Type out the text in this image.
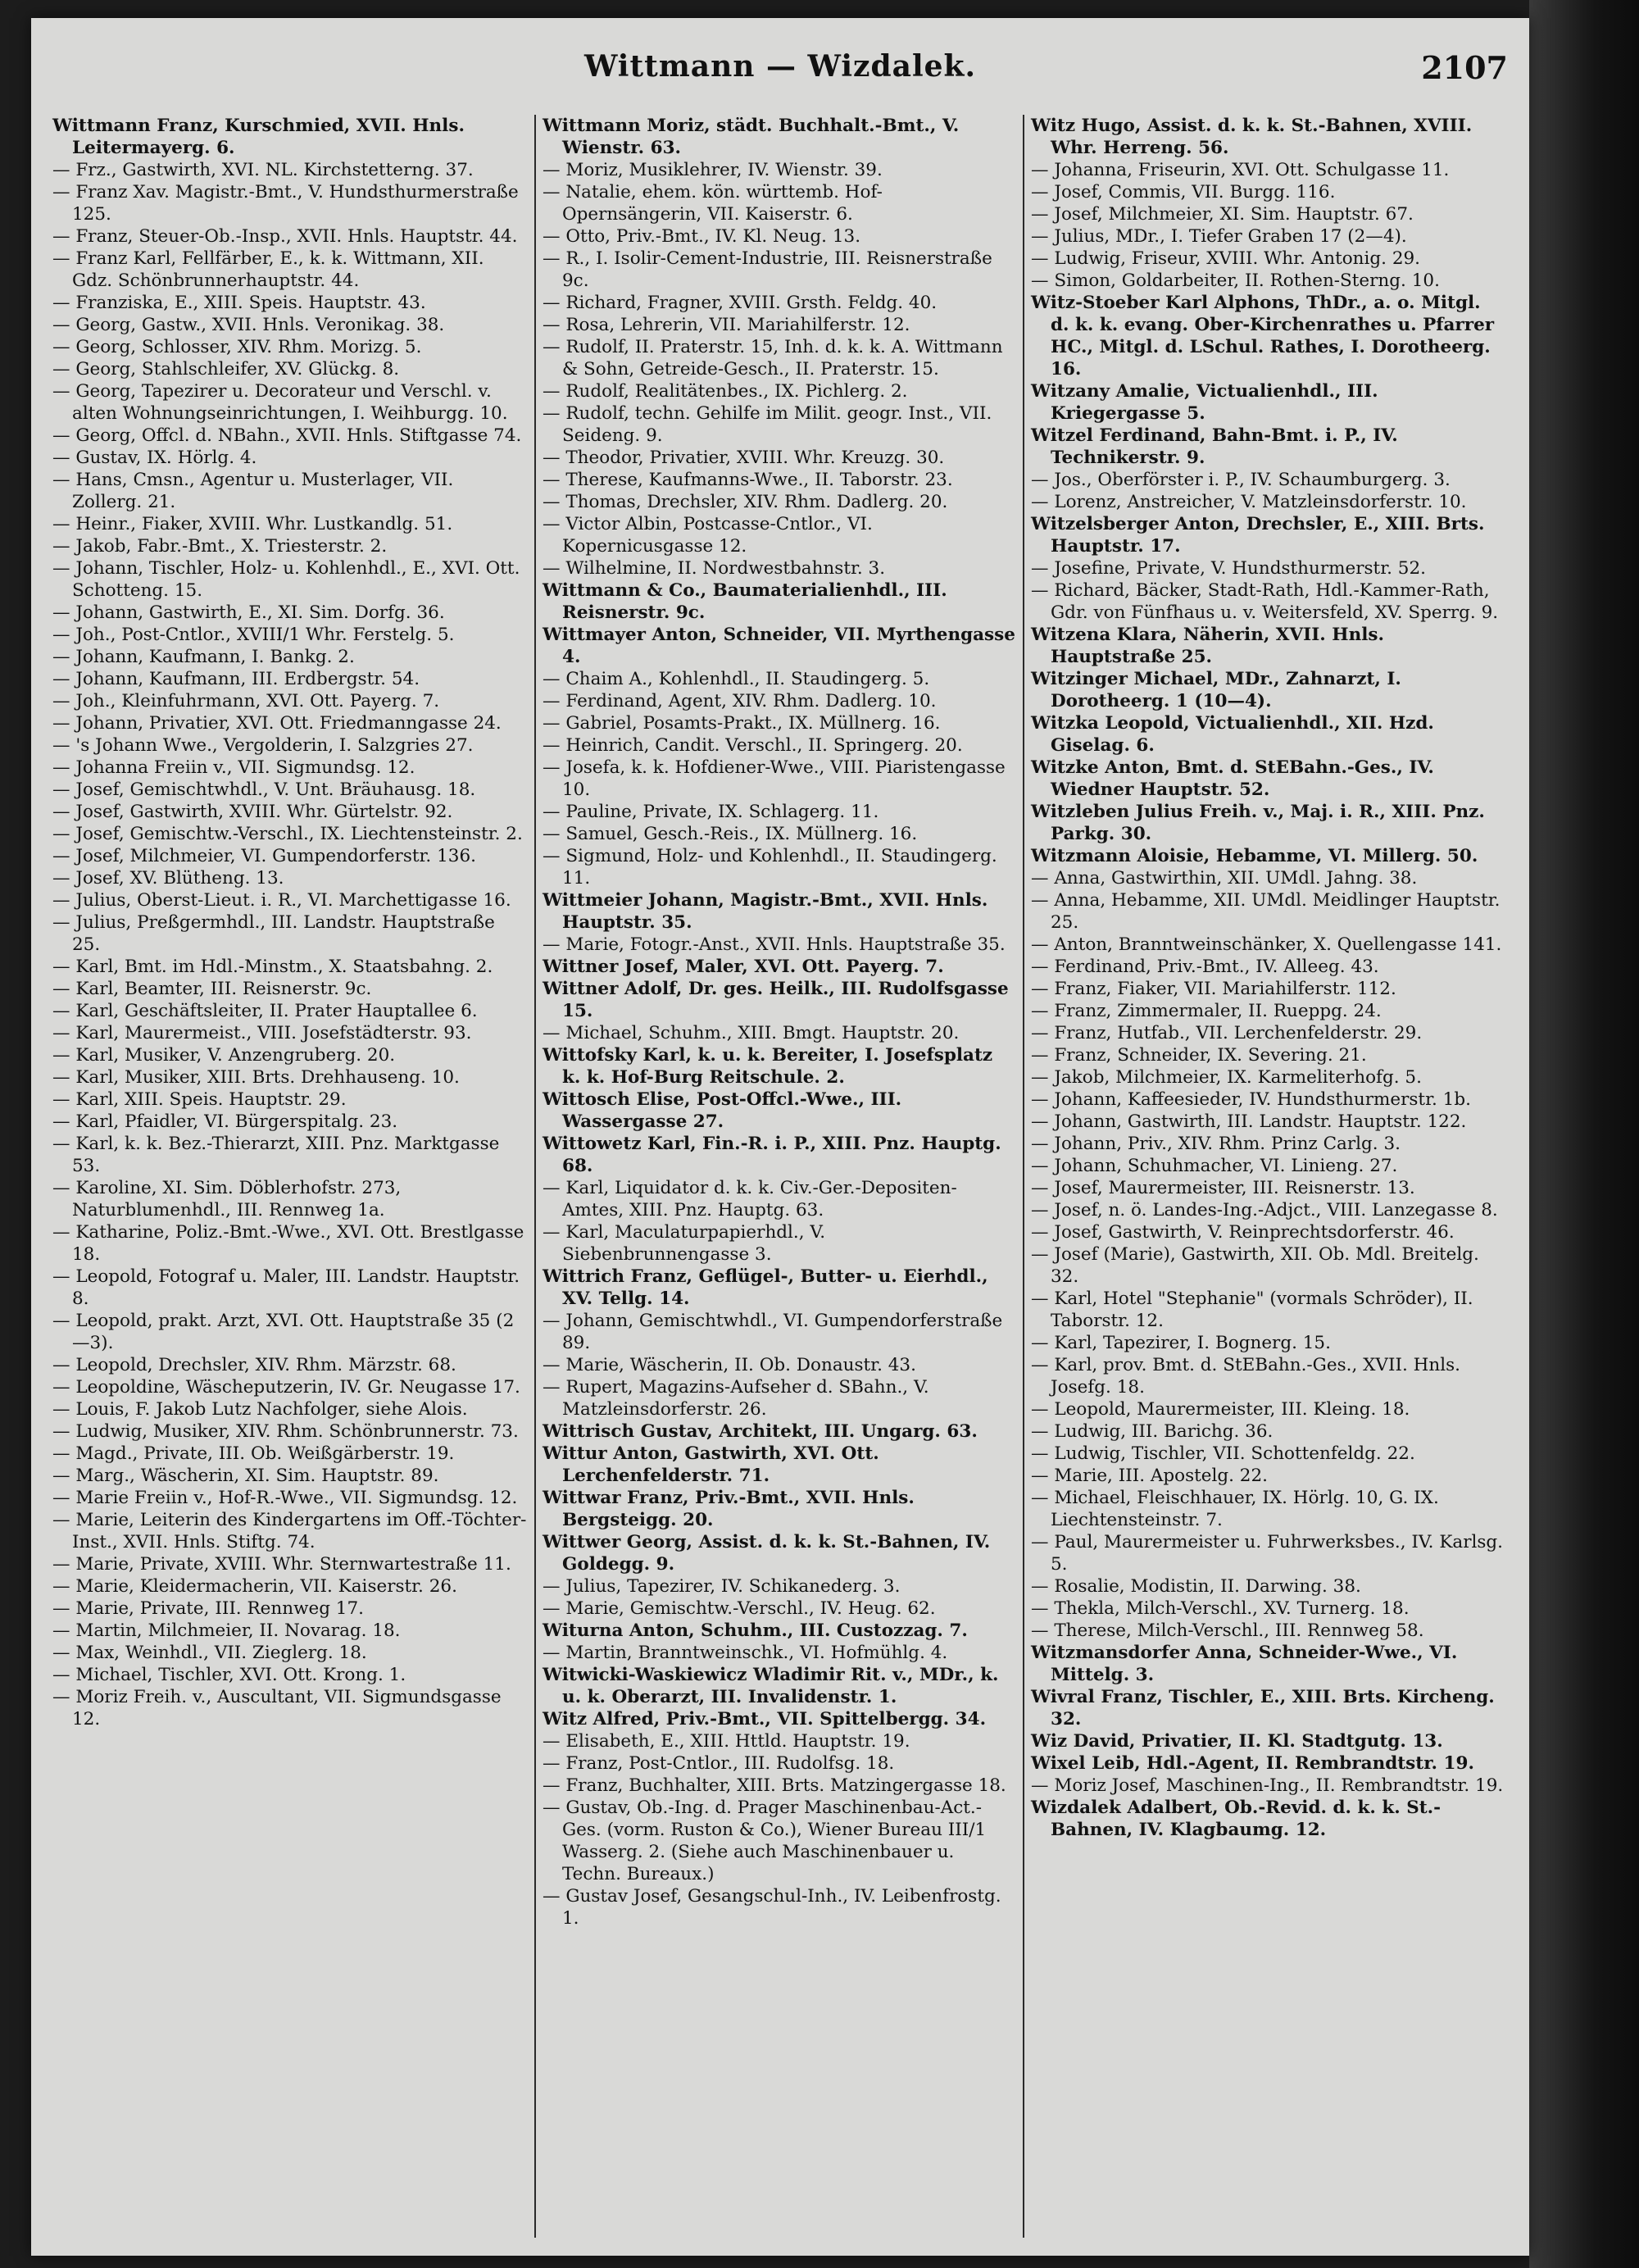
Wittmann — Wizdalek.	2107
Wittmann Franz, Kurschmied, XVII. Hnls. Leitermayerg. 6.
— Frz., Gastwirth, XVI. NL. Kirchstetterng. 37.
— Franz Xav. Magistr.-Bmt., V. Hundsthurmerstraße 125.
— Franz, Steuer-Ob.-Insp., XVII. Hnls. Hauptstr. 44.
— Franz Karl, Fellfärber, E., k. k. Wittmann, XII. Gdz. Schönbrunnerhauptstr. 44.
— Franziska, E., XIII. Speis. Hauptstr. 43.
— Georg, Gastw., XVII. Hnls. Veronikag. 38.
— Georg, Schlosser, XIV. Rhm. Morizg. 5.
— Georg, Stahlschleifer, XV. Glückg. 8.
— Georg, Tapezirer u. Decorateur und Verschl. v. alten Wohnungseinrichtungen, I. Weihburgg. 10.
— Georg, Offcl. d. NBahn., XVII. Hnls. Stiftgasse 74.
— Gustav, IX. Hörlg. 4.
— Hans, Cmsn., Agentur u. Musterlager, VII. Zollerg. 21.
— Heinr., Fiaker, XVIII. Whr. Lustkandlg. 51.
— Jakob, Fabr.-Bmt., X. Triesterstr. 2.
— Johann, Tischler, Holz- u. Kohlenhdl., E., XVI. Ott. Schotteng. 15.
— Johann, Gastwirth, E., XI. Sim. Dorfg. 36.
— Joh., Post-Cntlor., XVIII/1 Whr. Ferstelg. 5.
— Johann, Kaufmann, I. Bankg. 2.
— Johann, Kaufmann, III. Erdbergstr. 54.
— Joh., Kleinfuhrmann, XVI. Ott. Payerg. 7.
— Johann, Privatier, XVI. Ott. Friedmanngasse 24.
— 's Johann Wwe., Vergolderin, I. Salzgries 27.
— Johanna Freiin v., VII. Sigmundsg. 12.
— Josef, Gemischtwhdl., V. Unt. Bräuhausg. 18.
— Josef, Gastwirth, XVIII. Whr. Gürtelstr. 92.
— Josef, Gemischtw.-Verschl., IX. Liechtensteinstr. 2.
— Josef, Milchmeier, VI. Gumpendorferstr. 136.
— Josef, XV. Blütheng. 13.
— Julius, Oberst-Lieut. i. R., VI. Marchettigasse 16.
— Julius, Preßgermhdl., III. Landstr. Hauptstraße 25.
— Karl, Bmt. im Hdl.-Minstm., X. Staatsbahng. 2.
— Karl, Beamter, III. Reisnerstr. 9c.
— Karl, Geschäftsleiter, II. Prater Hauptallee 6.
— Karl, Maurermeist., VIII. Josefstädterstr. 93.
— Karl, Musiker, V. Anzengruberg. 20.
— Karl, Musiker, XIII. Brts. Drehhauseng. 10.
— Karl, XIII. Speis. Hauptstr. 29.
— Karl, Pfaidler, VI. Bürgerspitalg. 23.
— Karl, k. k. Bez.-Thierarzt, XIII. Pnz. Marktgasse 53.
— Karoline, XI. Sim. Döblerhofstr. 273, Naturblumenhdl., III. Rennweg 1a.
— Katharine, Poliz.-Bmt.-Wwe., XVI. Ott. Brestlgasse 18.
— Leopold, Fotograf u. Maler, III. Landstr. Hauptstr. 8.
— Leopold, prakt. Arzt, XVI. Ott. Hauptstraße 35 (2—3).
— Leopold, Drechsler, XIV. Rhm. Märzstr. 68.
— Leopoldine, Wäscheputzerin, IV. Gr. Neugasse 17.
— Louis, F. Jakob Lutz Nachfolger, siehe Alois.
— Ludwig, Musiker, XIV. Rhm. Schönbrunnerstr. 73.
— Magd., Private, III. Ob. Weißgärberstr. 19.
— Marg., Wäscherin, XI. Sim. Hauptstr. 89.
— Marie Freiin v., Hof-R.-Wwe., VII. Sigmundsg. 12.
— Marie, Leiterin des Kindergartens im Off.-Töchter-Inst., XVII. Hnls. Stiftg. 74.
— Marie, Private, XVIII. Whr. Sternwartestraße 11.
— Marie, Kleidermacherin, VII. Kaiserstr. 26.
— Marie, Private, III. Rennweg 17.
— Martin, Milchmeier, II. Novarag. 18.
— Max, Weinhdl., VII. Zieglerg. 18.
— Michael, Tischler, XVI. Ott. Krong. 1.
— Moriz Freih. v., Auscultant, VII. Sigmundsgasse 12.
Wittmann Moriz, städt. Buchhalt.-Bmt., V. Wienstr. 63.
— Moriz, Musiklehrer, IV. Wienstr. 39.
— Natalie, ehem. kön. württemb. Hof-Opernsängerin, VII. Kaiserstr. 6.
— Otto, Priv.-Bmt., IV. Kl. Neug. 13.
— R., I. Isolir-Cement-Industrie, III. Reisnerstraße 9c.
— Richard, Fragner, XVIII. Grsth. Feldg. 40.
— Rosa, Lehrerin, VII. Mariahilferstr. 12.
— Rudolf, II. Praterstr. 15, Inh. d. k. k. A. Wittmann & Sohn, Getreide-Gesch., II. Praterstr. 15.
— Rudolf, Realitätenbes., IX. Pichlerg. 2.
— Rudolf, techn. Gehilfe im Milit. geogr. Inst., VII. Seideng. 9.
— Theodor, Privatier, XVIII. Whr. Kreuzg. 30.
— Therese, Kaufmanns-Wwe., II. Taborstr. 23.
— Thomas, Drechsler, XIV. Rhm. Dadlerg. 20.
— Victor Albin, Postcasse-Cntlor., VI. Kopernicusgasse 12.
— Wilhelmine, II. Nordwestbahnstr. 3.
Wittmann & Co., Baumaterialienhdl., III. Reisnerstr. 9c.
Wittmayer Anton, Schneider, VII. Myrthengasse 4.
— Chaim A., Kohlenhdl., II. Staudingerg. 5.
— Ferdinand, Agent, XIV. Rhm. Dadlerg. 10.
— Gabriel, Posamts-Prakt., IX. Müllnerg. 16.
— Heinrich, Candit. Verschl., II. Springerg. 20.
— Josefa, k. k. Hofdiener-Wwe., VIII. Piaristengasse 10.
— Pauline, Private, IX. Schlagerg. 11.
— Samuel, Gesch.-Reis., IX. Müllnerg. 16.
— Sigmund, Holz- und Kohlenhdl., II. Staudingerg. 11.
Wittmeier Johann, Magistr.-Bmt., XVII. Hnls. Hauptstr. 35.
— Marie, Fotogr.-Anst., XVII. Hnls. Hauptstraße 35.
Wittner Josef, Maler, XVI. Ott. Payerg. 7.
Wittner Adolf, Dr. ges. Heilk., III. Rudolfsgasse 15.
— Michael, Schuhm., XIII. Bmgt. Hauptstr. 20.
Wittofsky Karl, k. u. k. Bereiter, I. Josefsplatz k. k. Hof-Burg Reitschule. 2.
Wittosch Elise, Post-Offcl.-Wwe., III. Wassergasse 27.
Wittowetz Karl, Fin.-R. i. P., XIII. Pnz. Hauptg. 68.
— Karl, Liquidator d. k. k. Civ.-Ger.-Depositen-Amtes, XIII. Pnz. Hauptg. 63.
— Karl, Maculaturpapierhdl., V. Siebenbrunnengasse 3.
Wittrich Franz, Geflügel-, Butter- u. Eierhdl., XV. Tellg. 14.
— Johann, Gemischtwhdl., VI. Gumpendorferstraße 89.
— Marie, Wäscherin, II. Ob. Donaustr. 43.
— Rupert, Magazins-Aufseher d. SBahn., V. Matzleinsdorferstr. 26.
Wittrisch Gustav, Architekt, III. Ungarg. 63.
Wittur Anton, Gastwirth, XVI. Ott. Lerchenfelderstr. 71.
Wittwar Franz, Priv.-Bmt., XVII. Hnls. Bergsteigg. 20.
Wittwer Georg, Assist. d. k. k. St.-Bahnen, IV. Goldegg. 9.
— Julius, Tapezirer, IV. Schikanederg. 3.
— Marie, Gemischtw.-Verschl., IV. Heug. 62.
Witurna Anton, Schuhm., III. Custozzag. 7.
— Martin, Branntweinschk., VI. Hofmühlg. 4.
Witwicki-Waskiewicz Wladimir Rit. v., MDr., k. u. k. Oberarzt, III. Invalidenstr. 1.
Witz Alfred, Priv.-Bmt., VII. Spittelbergg. 34.
— Elisabeth, E., XIII. Httld. Hauptstr. 19.
— Franz, Post-Cntlor., III. Rudolfsg. 18.
— Franz, Buchhalter, XIII. Brts. Matzingergasse 18.
— Gustav, Ob.-Ing. d. Prager Maschinenbau-Act.-Ges. (vorm. Ruston & Co.), Wiener Bureau III/1 Wasserg. 2. (Siehe auch Maschinenbauer u. Techn. Bureaux.)
— Gustav Josef, Gesangschul-Inh., IV. Leibenfrostg. 1.
Witz Hugo, Assist. d. k. k. St.-Bahnen, XVIII. Whr. Herreng. 56.
— Johanna, Friseurin, XVI. Ott. Schulgasse 11.
— Josef, Commis, VII. Burgg. 116.
— Josef, Milchmeier, XI. Sim. Hauptstr. 67.
— Julius, MDr., I. Tiefer Graben 17 (2—4).
— Ludwig, Friseur, XVIII. Whr. Antonig. 29.
— Simon, Goldarbeiter, II. Rothen-Sterng. 10.
Witz-Stoeber Karl Alphons, ThDr., a. o. Mitgl. d. k. k. evang. Ober-Kirchenrathes u. Pfarrer HC., Mitgl. d. LSchul. Rathes, I. Dorotheerg. 16.
Witzany Amalie, Victualienhdl., III. Kriegergasse 5.
Witzel Ferdinand, Bahn-Bmt. i. P., IV. Technikerstr. 9.
— Jos., Oberförster i. P., IV. Schaumburgerg. 3.
— Lorenz, Anstreicher, V. Matzleinsdorferstr. 10.
Witzelsberger Anton, Drechsler, E., XIII. Brts. Hauptstr. 17.
— Josefine, Private, V. Hundsthurmerstr. 52.
— Richard, Bäcker, Stadt-Rath, Hdl.-Kammer-Rath, Gdr. von Fünfhaus u. v. Weitersfeld, XV. Sperrg. 9.
Witzena Klara, Näherin, XVII. Hnls. Hauptstraße 25.
Witzinger Michael, MDr., Zahnarzt, I. Dorotheerg. 1 (10—4).
Witzka Leopold, Victualienhdl., XII. Hzd. Giselag. 6.
Witzke Anton, Bmt. d. StEBahn.-Ges., IV. Wiedner Hauptstr. 52.
Witzleben Julius Freih. v., Maj. i. R., XIII. Pnz. Parkg. 30.
Witzmann Aloisie, Hebamme, VI. Millerg. 50.
— Anna, Gastwirthin, XII. UMdl. Jahng. 38.
— Anna, Hebamme, XII. UMdl. Meidlinger Hauptstr. 25.
— Anton, Branntweinschänker, X. Quellengasse 141.
— Ferdinand, Priv.-Bmt., IV. Alleeg. 43.
— Franz, Fiaker, VII. Mariahilferstr. 112.
— Franz, Zimmermaler, II. Rueppg. 24.
— Franz, Hutfab., VII. Lerchenfelderstr. 29.
— Franz, Schneider, IX. Severing. 21.
— Jakob, Milchmeier, IX. Karmeliterhofg. 5.
— Johann, Kaffeesieder, IV. Hundsthurmerstr. 1b.
— Johann, Gastwirth, III. Landstr. Hauptstr. 122.
— Johann, Priv., XIV. Rhm. Prinz Carlg. 3.
— Johann, Schuhmacher, VI. Linieng. 27.
— Josef, Maurermeister, III. Reisnerstr. 13.
— Josef, n. ö. Landes-Ing.-Adjct., VIII. Lanzegasse 8.
— Josef, Gastwirth, V. Reinprechtsdorferstr. 46.
— Josef (Marie), Gastwirth, XII. Ob. Mdl. Breitelg. 32.
— Karl, Hotel "Stephanie" (vormals Schröder), II. Taborstr. 12.
— Karl, Tapezirer, I. Bognerg. 15.
— Karl, prov. Bmt. d. StEBahn.-Ges., XVII. Hnls. Josefg. 18.
— Leopold, Maurermeister, III. Kleing. 18.
— Ludwig, III. Barichg. 36.
— Ludwig, Tischler, VII. Schottenfeldg. 22.
— Marie, III. Apostelg. 22.
— Michael, Fleischhauer, IX. Hörlg. 10, G. IX. Liechtensteinstr. 7.
— Paul, Maurermeister u. Fuhrwerksbes., IV. Karlsg. 5.
— Rosalie, Modistin, II. Darwing. 38.
— Thekla, Milch-Verschl., XV. Turnerg. 18.
— Therese, Milch-Verschl., III. Rennweg 58.
Witzmansdorfer Anna, Schneider-Wwe., VI. Mittelg. 3.
Wivral Franz, Tischler, E., XIII. Brts. Kircheng. 32.
Wiz David, Privatier, II. Kl. Stadtgutg. 13.
Wixel Leib, Hdl.-Agent, II. Rembrandtstr. 19.
— Moriz Josef, Maschinen-Ing., II. Rembrandtstr. 19.
Wizdalek Adalbert, Ob.-Revid. d. k. k. St.-Bahnen, IV. Klagbaumg. 12.
